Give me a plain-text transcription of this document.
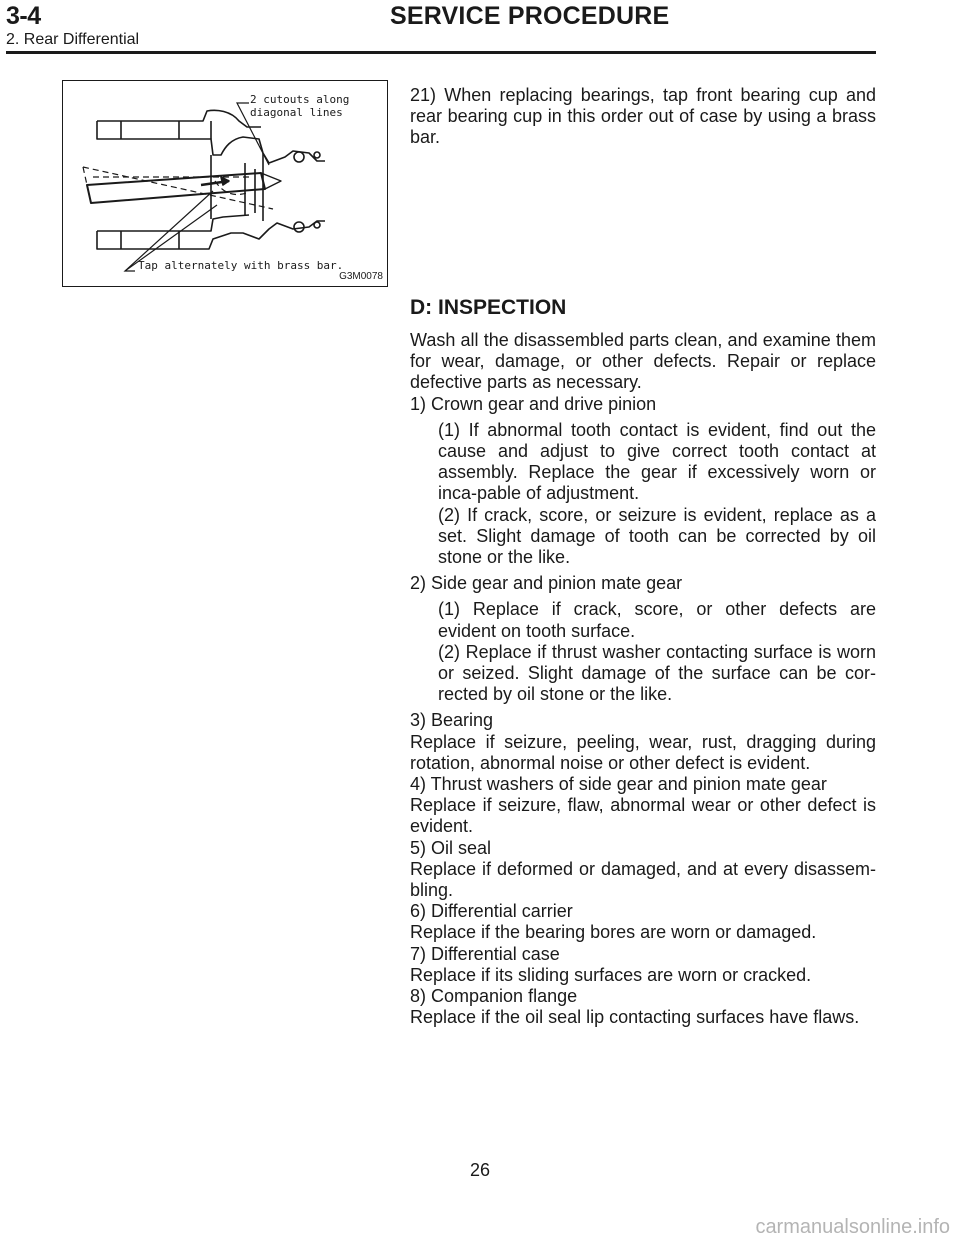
3-4	SERVICE PROCEDURE
2. Rear Differential
2 cutouts along
diagonal lines
Tap alternately with brass bar.
G3M0078

21) When replacing bearings, tap front bearing cup and rear bearing cup in this order out of case by using a brass bar.

D: INSPECTION

Wash all the disassembled parts clean, and examine them for wear, damage, or other defects. Repair or replace defective parts as necessary.

1) Crown gear and drive pinion

(1) If abnormal tooth contact is evident, find out the cause and adjust to give correct tooth contact at assembly. Replace the gear if excessively worn or inca-pable of adjustment.

(2) If crack, score, or seizure is evident, replace as a set. Slight damage of tooth can be corrected by oil stone or the like.

2) Side gear and pinion mate gear

(1) Replace if crack, score, or other defects are evident on tooth surface.

(2) Replace if thrust washer contacting surface is worn or seized. Slight damage of the surface can be cor-rected by oil stone or the like.

3) Bearing

Replace if seizure, peeling, wear, rust, dragging during rotation, abnormal noise or other defect is evident.

4) Thrust washers of side gear and pinion mate gear

Replace if seizure, flaw, abnormal wear or other defect is evident.

5) Oil seal

Replace if deformed or damaged, and at every disassem-bling.

6) Differential carrier

Replace if the bearing bores are worn or damaged.

7) Differential case

Replace if its sliding surfaces are worn or cracked.

8) Companion flange

Replace if the oil seal lip contacting surfaces have flaws.

26
carmanualsonline.info
